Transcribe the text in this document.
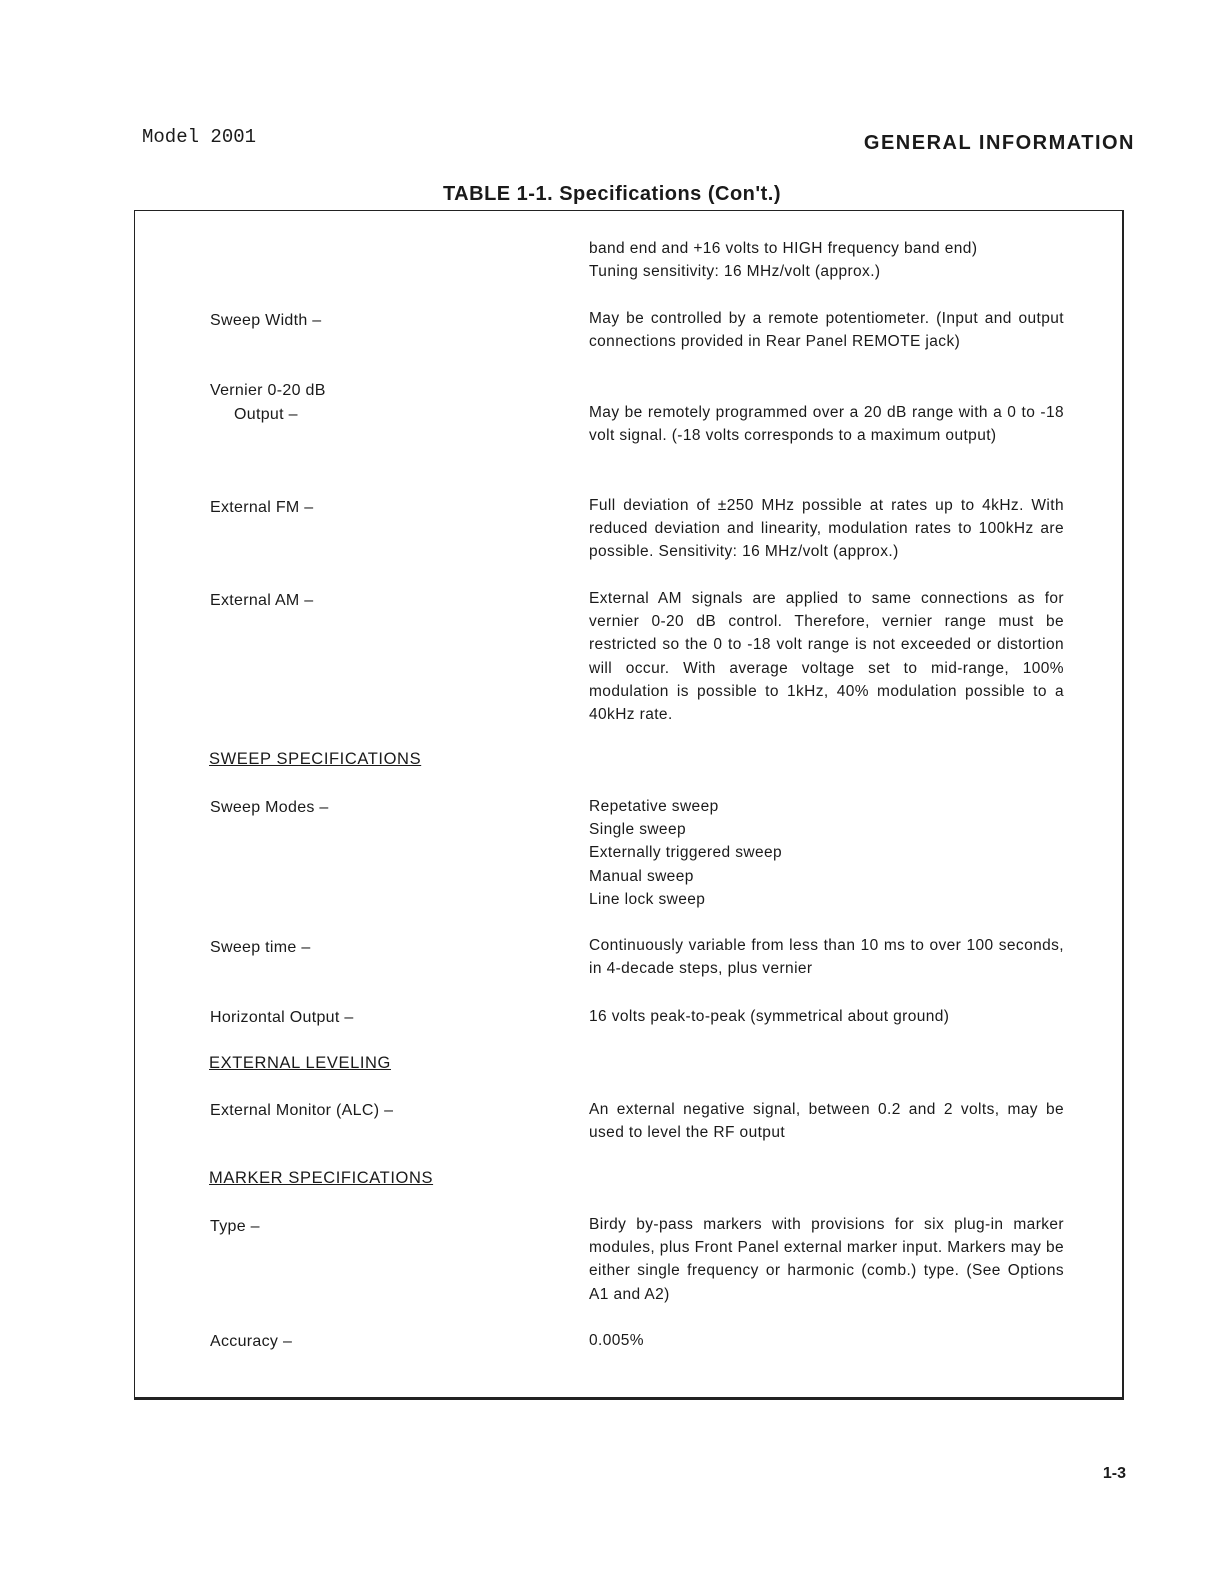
Model 2001	GENERAL INFORMATION
TABLE 1-1. Specifications (Con't.)
band end and +16 volts to HIGH frequency band end)
Tuning sensitivity: 16 MHz/volt (approx.)
Sweep Width –	May be controlled by a remote potentiometer. (Input and output connections provided in Rear Panel REMOTE jack)
Vernier 0-20 dB
Output –	May be remotely programmed over a 20 dB range with a 0 to -18 volt signal. (-18 volts corresponds to a maximum output)
External FM –	Full deviation of ±250 MHz possible at rates up to 4kHz. With reduced deviation and linearity, modulation rates to 100kHz are possible. Sensitivity: 16 MHz/volt (approx.)
External AM –	External AM signals are applied to same connections as for vernier 0-20 dB control. Therefore, vernier range must be restricted so the 0 to -18 volt range is not exceeded or distortion will occur. With average voltage set to mid-range, 100% modulation is possible to 1kHz, 40% modulation possible to a 40kHz rate.
SWEEP SPECIFICATIONS
Sweep Modes –	Repetative sweep
Single sweep
Externally triggered sweep
Manual sweep
Line lock sweep
Sweep time –	Continuously variable from less than 10 ms to over 100 seconds, in 4-decade steps, plus vernier
Horizontal Output –	16 volts peak-to-peak (symmetrical about ground)
EXTERNAL LEVELING
External Monitor (ALC) –	An external negative signal, between 0.2 and 2 volts, may be used to level the RF output
MARKER SPECIFICATIONS
Type –	Birdy by-pass markers with provisions for six plug-in marker modules, plus Front Panel external marker input. Markers may be either single frequency or harmonic (comb.) type. (See Options A1 and A2)
Accuracy –	0.005%
1-3
